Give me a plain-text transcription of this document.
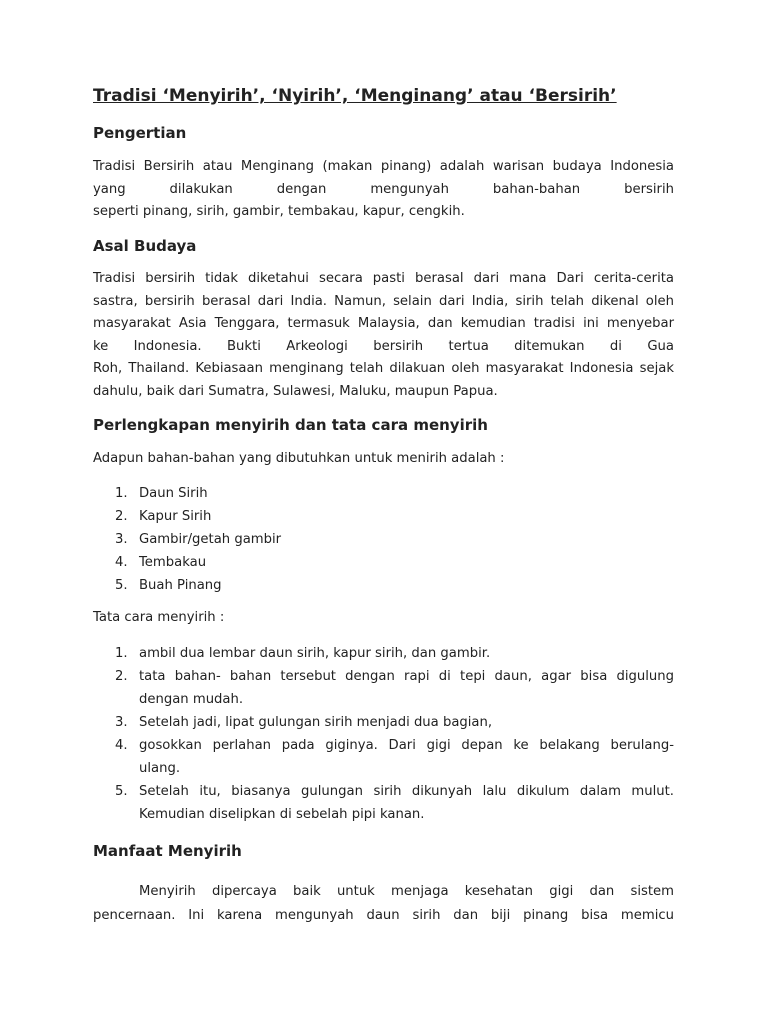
Tradisi ‘Menyirih’, ‘Nyirih’, ‘Menginang’ atau ‘Bersirih’
Pengertian
Tradisi Bersirih atau Menginang (makan pinang) adalah warisan budaya Indonesia
yang dilakukan dengan mengunyah bahan-bahan bersirih
seperti pinang, sirih, gambir, tembakau, kapur, cengkih.
Asal Budaya
Tradisi bersirih tidak diketahui secara pasti berasal dari mana Dari cerita-cerita
sastra, bersirih berasal dari India. Namun, selain dari India, sirih telah dikenal oleh
masyarakat Asia Tenggara, termasuk Malaysia, dan kemudian tradisi ini menyebar
ke Indonesia. Bukti Arkeologi bersirih tertua ditemukan di Gua
Roh, Thailand. Kebiasaan menginang telah dilakuan oleh masyarakat Indonesia sejak
dahulu, baik dari Sumatra, Sulawesi, Maluku, maupun Papua.
Perlengkapan menyirih dan tata cara menyirih

Adapun bahan-bahan yang dibutuhkan untuk menirih adalah :

1. Daun Sirih
2. Kapur Sirih
3. Gambir/getah gambir
4. Tembakau
5. Buah Pinang

Tata cara menyirih :

1. ambil dua lembar daun sirih, kapur sirih, dan gambir.
2. tata bahan- bahan tersebut dengan rapi di tepi daun, agar bisa digulung
dengan mudah.
3. Setelah jadi, lipat gulungan sirih menjadi dua bagian,
4. gosokkan perlahan pada giginya. Dari gigi depan ke belakang berulang-
ulang.
5. Setelah itu, biasanya gulungan sirih dikunyah lalu dikulum dalam mulut.
Kemudian diselipkan di sebelah pipi kanan.
Manfaat Menyirih
Menyirih dipercaya baik untuk menjaga kesehatan gigi dan sistem
pencernaan. Ini karena mengunyah daun sirih dan biji pinang bisa memicu
